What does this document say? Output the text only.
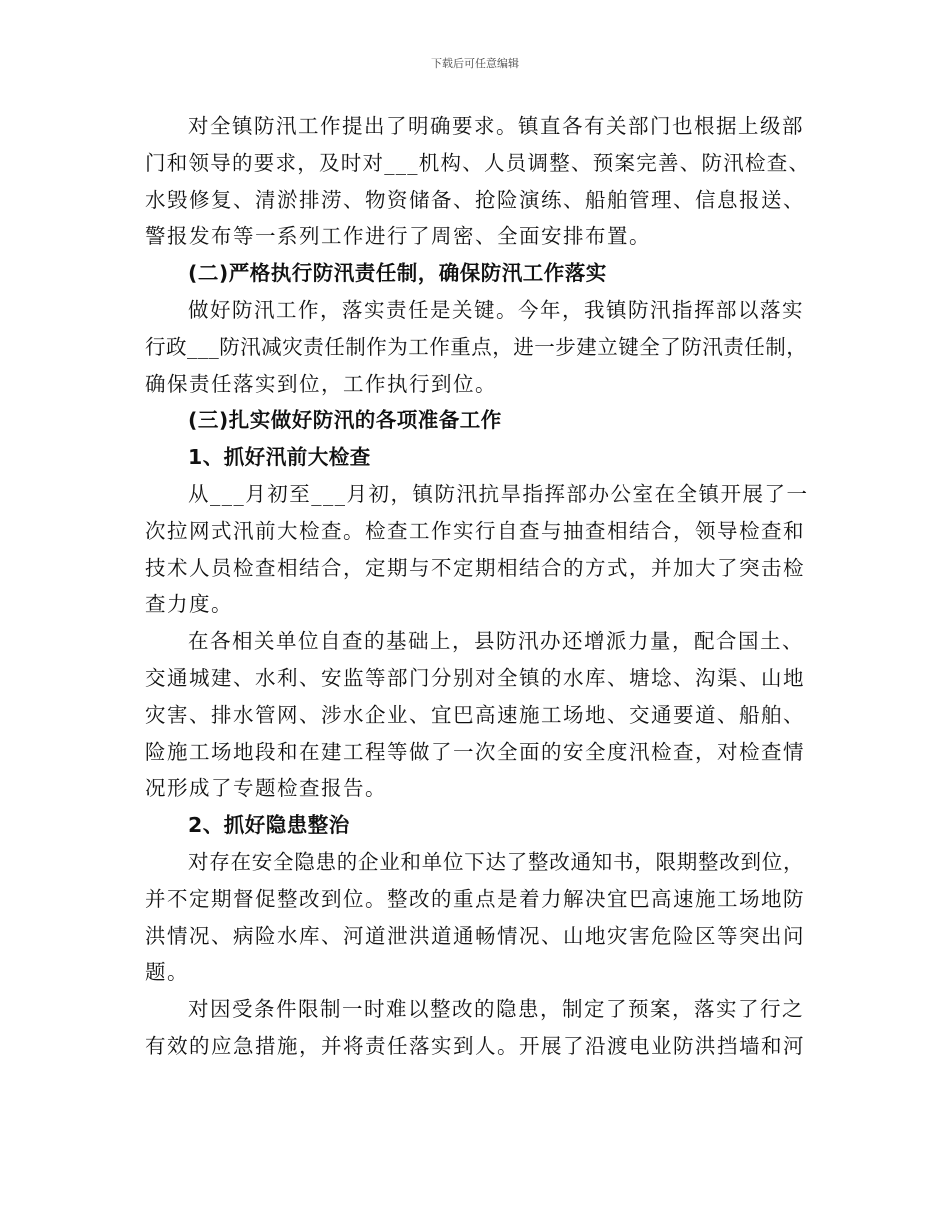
下载后可任意编辑
对全镇防汛工作提出了明确要求。镇直各有关部门也根据上级部
门和领导的要求，及时对___机构、人员调整、预案完善、防汛检查、
水毁修复、清淤排涝、物资储备、抢险演练、船舶管理、信息报送、
警报发布等一系列工作进行了周密、全面安排布置。
(二)严格执行防汛责任制，确保防汛工作落实
做好防汛工作，落实责任是关键。今年，我镇防汛指挥部以落实
行政___防汛减灾责任制作为工作重点，进一步建立键全了防汛责任制，
确保责任落实到位，工作执行到位。
(三)扎实做好防汛的各项准备工作
1、抓好汛前大检查
从___月初至___月初，镇防汛抗旱指挥部办公室在全镇开展了一
次拉网式汛前大检查。检查工作实行自查与抽查相结合，领导检查和
技术人员检查相结合，定期与不定期相结合的方式，并加大了突击检
查力度。
在各相关单位自查的基础上，县防汛办还增派力量，配合国土、
交通城建、水利、安监等部门分别对全镇的水库、塘埝、沟渠、山地
灾害、排水管网、涉水企业、宜巴高速施工场地、交通要道、船舶、
险施工场地段和在建工程等做了一次全面的安全度汛检查，对检查情
况形成了专题检查报告。
2、抓好隐患整治
对存在安全隐患的企业和单位下达了整改通知书，限期整改到位，
并不定期督促整改到位。整改的重点是着力解决宜巴高速施工场地防
洪情况、病险水库、河道泄洪道通畅情况、山地灾害危险区等突出问
题。
对因受条件限制一时难以整改的隐患，制定了预案，落实了行之
有效的应急措施，并将责任落实到人。开展了沿渡电业防洪挡墙和河
